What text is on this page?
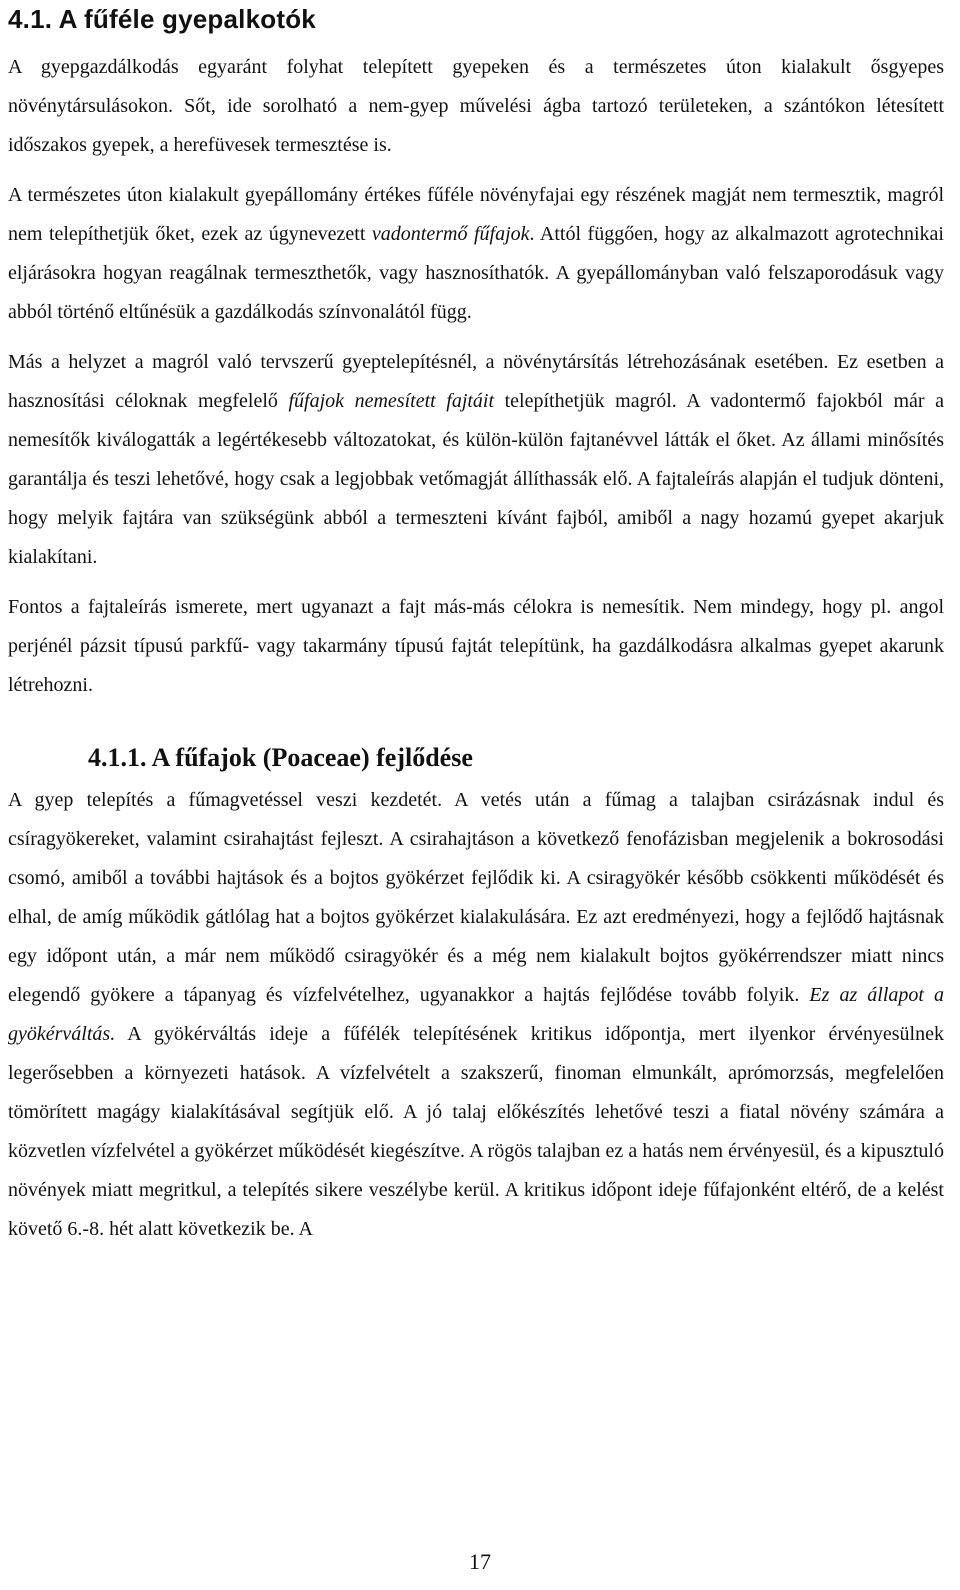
4.1. A fűféle gyepalkotók

A gyepgazdálkodás egyaránt folyhat telepített gyepeken és a természetes úton kialakult ősgyepes növénytársulásokon. Sőt, ide sorolható a nem-gyep művelési ágba tartozó területeken, a szántókon létesített időszakos gyepek, a herefüvesek termesztése is.

A természetes úton kialakult gyepállomány értékes fűféle növényfajai egy részének magját nem termesztik, magról nem telepíthetjük őket, ezek az úgynevezett vadontermő fűfajok. Attól függően, hogy az alkalmazott agrotechnikai eljárásokra hogyan reagálnak termeszthetők, vagy hasznosíthatók. A gyepállományban való felszaporodásuk vagy abból történő eltűnésük a gazdálkodás színvonalától függ.

Más a helyzet a magról való tervszerű gyeptelepítésnél, a növénytársítás létrehozásának esetében. Ez esetben a hasznosítási céloknak megfelelő fűfajok nemesített fajtáit telepíthetjük magról. A vadontermő fajokból már a nemesítők kiválogatták a legértékesebb változatokat, és külön-külön fajtanévvel látták el őket. Az állami minősítés garantálja és teszi lehetővé, hogy csak a legjobbak vetőmagját állíthassák elő. A fajtaleírás alapján el tudjuk dönteni, hogy melyik fajtára van szükségünk abból a termeszteni kívánt fajból, amiből a nagy hozamú gyepet akarjuk kialakítani.

Fontos a fajtaleírás ismerete, mert ugyanazt a fajt más-más célokra is nemesítik. Nem mindegy, hogy pl. angol perjénél pázsit típusú parkfű- vagy takarmány típusú fajtát telepítünk, ha gazdálkodásra alkalmas gyepet akarunk létrehozni.

4.1.1. A fűfajok (Poaceae) fejlődése

A gyep telepítés a fűmagvetéssel veszi kezdetét. A vetés után a fűmag a talajban csirázásnak indul és csíragyökereket, valamint csirahajtást fejleszt. A csirahajtáson a következő fenofázisban megjelenik a bokrosodási csomó, amiből a további hajtások és a bojtos gyökérzet fejlődik ki. A csiragyökér később csökkenti működését és elhal, de amíg működik gátlólag hat a bojtos gyökérzet kialakulására. Ez azt eredményezi, hogy a fejlődő hajtásnak egy időpont után, a már nem működő csiragyökér és a még nem kialakult bojtos gyökérrendszer miatt nincs elegendő gyökere a tápanyag és vízfelvételhez, ugyanakkor a hajtás fejlődése tovább folyik. Ez az állapot a gyökérváltás. A gyökérváltás ideje a fűfélék telepítésének kritikus időpontja, mert ilyenkor érvényesülnek legerősebben a környezeti hatások. A vízfelvételt a szakszerű, finoman elmunkált, aprómorzsás, megfelelően tömörített magágy kialakításával segítjük elő. A jó talaj előkészítés lehetővé teszi a fiatal növény számára a közvetlen vízfelvétel a gyökérzet működését kiegészítve. A rögös talajban ez a hatás nem érvényesül, és a kipusztuló növények miatt megritkul, a telepítés sikere veszélybe kerül. A kritikus időpont ideje fűfajonként eltérő, de a kelést követő 6.-8. hét alatt következik be. A

17
